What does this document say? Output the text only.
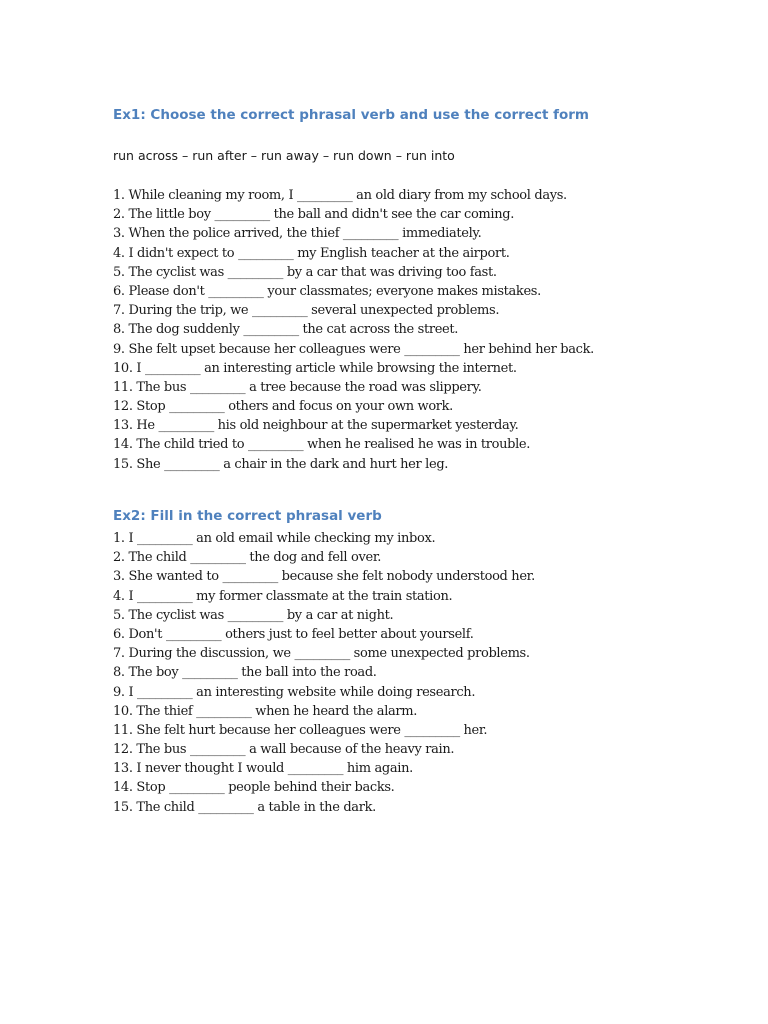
Ex1: Choose the correct phrasal verb and use the correct form

run across – run after – run away – run down – run into

1. While cleaning my room, I _________ an old diary from my school days.
2. The little boy _________ the ball and didn't see the car coming.
3. When the police arrived, the thief _________ immediately.
4. I didn't expect to _________ my English teacher at the airport.
5. The cyclist was _________ by a car that was driving too fast.
6. Please don't _________ your classmates; everyone makes mistakes.
7. During the trip, we _________ several unexpected problems.
8. The dog suddenly _________ the cat across the street.
9. She felt upset because her colleagues were _________ her behind her back.
10. I _________ an interesting article while browsing the internet.
11. The bus _________ a tree because the road was slippery.
12. Stop _________ others and focus on your own work.
13. He _________ his old neighbour at the supermarket yesterday.
14. The child tried to _________ when he realised he was in trouble.
15. She _________ a chair in the dark and hurt her leg.
Ex2: Fill in the correct phrasal verb
1. I _________ an old email while checking my inbox.
2. The child _________ the dog and fell over.
3. She wanted to _________ because she felt nobody understood her.
4. I _________ my former classmate at the train station.
5. The cyclist was _________ by a car at night.
6. Don't _________ others just to feel better about yourself.
7. During the discussion, we _________ some unexpected problems.
8. The boy _________ the ball into the road.
9. I _________ an interesting website while doing research.
10. The thief _________ when he heard the alarm.
11. She felt hurt because her colleagues were _________ her.
12. The bus _________ a wall because of the heavy rain.
13. I never thought I would _________ him again.
14. Stop _________ people behind their backs.
15. The child _________ a table in the dark.
